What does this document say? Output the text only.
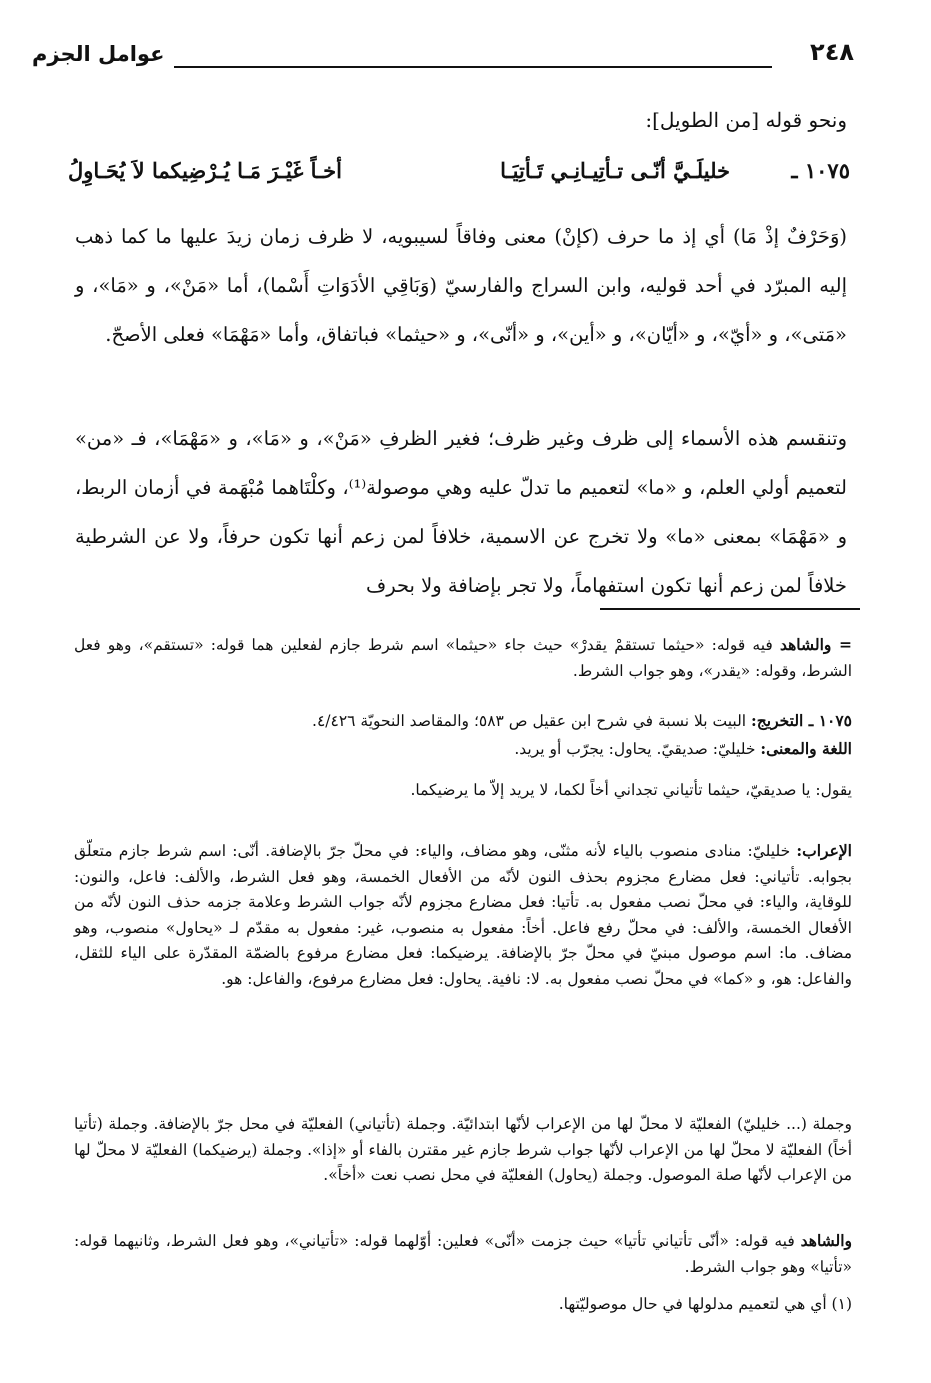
٢٤٨
عوامل الجزم
ونحو قوله [من الطويل]:
١٠٧٥ ـ
خليلَـيَّ أنّـى تـأتِيـانِـي تَـأتِيَـا
أخـاً غَيْـرَ مَـا يُـرْضِيكما لاَ يُحَـاوِلُ
(وَحَرْفٌ إذْ مَا) أي إذ ما حرف (كإنْ) معنى وفاقاً لسيبويه، لا ظرف زمان زيدَ عليها ما كما ذهب إليه المبرّد في أحد قوليه، وابن السراج والفارسيّ (وَبَاقِي الأدَوَاتِ أَسْما)، أما «مَنْ»، و «مَا»، و «مَتى»، و «أيّ»، و «أيّان»، و «أين»، و «أنّى»، و «حيثما» فباتفاق، وأما «مَهْمَا» فعلى الأصحّ.
وتنقسم هذه الأسماء إلى ظرف وغير ظرف؛ فغير الظرفِ «مَنْ»، و «مَا»، و «مَهْمَا»، فـ «من» لتعميم أولي العلم، و «ما» لتعميم ما تدلّ عليه وهي موصولة⁽¹⁾، وكلْتَاهما مُبْهَمة في أزمان الربط، و «مَهْمَا» بمعنى «ما» ولا تخرج عن الاسمية، خلافاً لمن زعم أنها تكون حرفاً، ولا عن الشرطية خلافاً لمن زعم أنها تكون استفهاماً، ولا تجر بإضافة ولا بحرف
= والشاهد فيه قوله: «حيثما تستقمْ يقدرْ» حيث جاء «حيثما» اسم شرط جازم لفعلين هما قوله: «تستقم»، وهو فعل الشرط، وقوله: «يقدر»، وهو جواب الشرط.
١٠٧٥ ـ التخريج: البيت بلا نسبة في شرح ابن عقيل ص ٥٨٣؛ والمقاصد النحويّة ٤/٤٢٦.
اللغة والمعنى: خليليّ: صديقيّ. يحاول: يجرّب أو يريد.
يقول: يا صديقيّ، حيثما تأتياني تجداني أخاً لكما، لا يريد إلاّ ما يرضيكما.
الإعراب: خليليّ: منادى منصوب بالياء لأنه مثنّى، وهو مضاف، والياء: في محلّ جرّ بالإضافة. أنّى: اسم شرط جازم متعلّق بجوابه. تأتياني: فعل مضارع مجزوم بحذف النون لأنّه من الأفعال الخمسة، وهو فعل الشرط، والألف: فاعل، والنون: للوقاية، والياء: في محلّ نصب مفعول به. تأتيا: فعل مضارع مجزوم لأنّه جواب الشرط وعلامة جزمه حذف النون لأنّه من الأفعال الخمسة، والألف: في محلّ رفع فاعل. أخاً: مفعول به منصوب، غير: مفعول به مقدّم لـ «يحاول» منصوب، وهو مضاف. ما: اسم موصول مبنيّ في محلّ جرّ بالإضافة. يرضيكما: فعل مضارع مرفوع بالضمّة المقدّرة على الياء للثقل، والفاعل: هو، و «كما» في محلّ نصب مفعول به. لا: نافية. يحاول: فعل مضارع مرفوع، والفاعل: هو.
وجملة (... خليليّ) الفعليّة لا محلّ لها من الإعراب لأنّها ابتدائيّة. وجملة (تأتياني) الفعليّة في محل جرّ بالإضافة. وجملة (تأتيا أخاً) الفعليّة لا محلّ لها من الإعراب لأنّها جواب شرط جازم غير مقترن بالفاء أو «إذا». وجملة (يرضيكما) الفعليّة لا محلّ لها من الإعراب لأنّها صلة الموصول. وجملة (يحاول) الفعليّة في محل نصب نعت «أخاً».
والشاهد فيه قوله: «أنّى تأتياني تأتيا» حيث جزمت «أنّى» فعلين: أوّلهما قوله: «تأتياني»، وهو فعل الشرط، وثانيهما قوله: «تأتيا» وهو جواب الشرط.
(١) أي هي لتعميم مدلولها في حال موصوليّتها.
